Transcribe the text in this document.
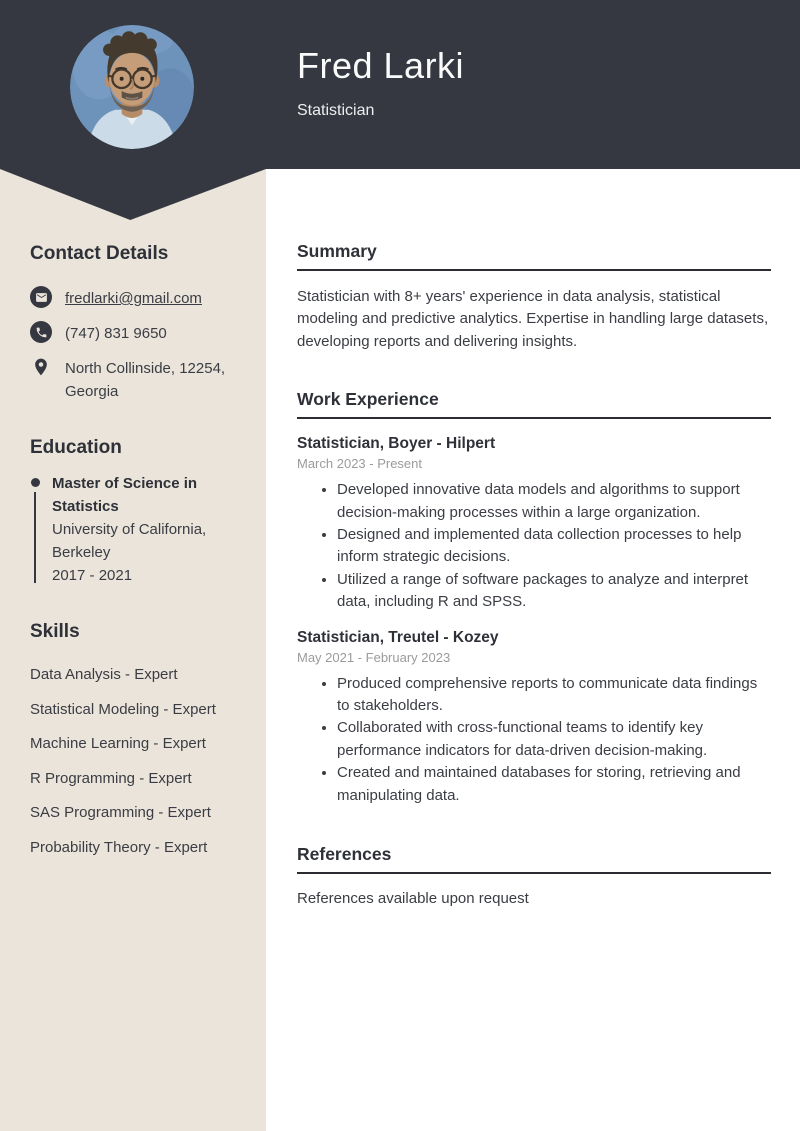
Fred Larki
Statistician
Contact Details
fredlarki@gmail.com
(747) 831 9650
North Collinside, 12254, Georgia
Education
Master of Science in Statistics
University of California, Berkeley
2017 - 2021
Skills
Data Analysis - Expert
Statistical Modeling - Expert
Machine Learning - Expert
R Programming - Expert
SAS Programming - Expert
Probability Theory - Expert
Summary

Statistician with 8+ years' experience in data analysis, statistical modeling and predictive analytics. Expertise in handling large datasets, developing reports and delivering insights.

Work Experience
Statistician, Boyer - Hilpert
March 2023 - Present
• Developed innovative data models and algorithms to support decision-making processes within a large organization.
• Designed and implemented data collection processes to help inform strategic decisions.
• Utilized a range of software packages to analyze and interpret data, including R and SPSS.
Statistician, Treutel - Kozey
May 2021 - February 2023
• Produced comprehensive reports to communicate data findings to stakeholders.
• Collaborated with cross-functional teams to identify key performance indicators for data-driven decision-making.
• Created and maintained databases for storing, retrieving and manipulating data.
References

References available upon request
